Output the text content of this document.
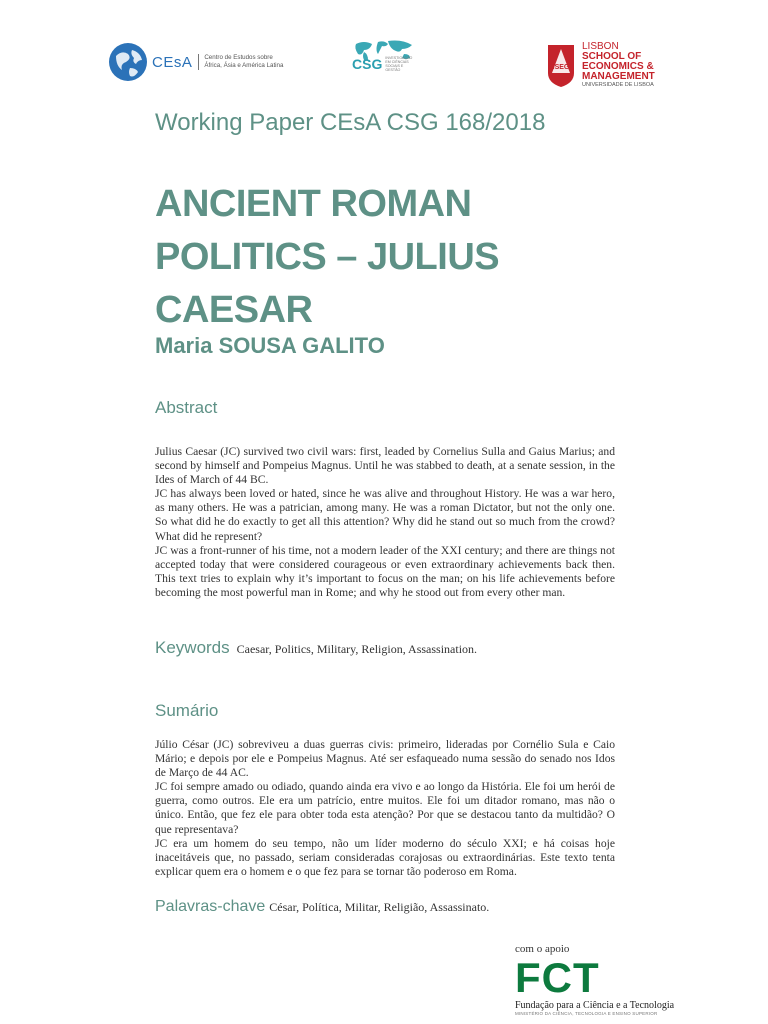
CEsA	Centro de Estudos sobre África, Ásia e América Latina	CSG INVESTIGAÇÃO EM CIÊNCIAS SOCIAIS E GESTÃO	ISEG
LISBON
SCHOOL OF
ECONOMICS &
MANAGEMENT
UNIVERSIDADE DE LISBOA
Working Paper CEsA CSG 168/2018
ANCIENT ROMAN POLITICS – JULIUS CAESAR
Maria SOUSA GALITO
Abstract

Julius Caesar (JC) survived two civil wars: first, leaded by Cornelius Sulla and Gaius Marius; and second by himself and Pompeius Magnus. Until he was stabbed to death, at a senate session, in the Ides of March of 44 BC.

JC has always been loved or hated, since he was alive and throughout History. He was a war hero, as many others. He was a patrician, among many. He was a roman Dictator, but not the only one. So what did he do exactly to get all this attention? Why did he stand out so much from the crowd? What did he represent?

JC was a front-runner of his time, not a modern leader of the XXI century; and there are things not accepted today that were considered courageous or even extraordinary achievements back then. This text tries to explain why it’s important to focus on the man; on his life achievements before becoming the most powerful man in Rome; and why he stood out from every other man.

Keywords Caesar, Politics, Military, Religion, Assassination.
Sumário

Júlio César (JC) sobreviveu a duas guerras civis: primeiro, lideradas por Cornélio Sula e Caio Mário; e depois por ele e Pompeius Magnus. Até ser esfaqueado numa sessão do senado nos Idos de Março de 44 AC.

JC foi sempre amado ou odiado, quando ainda era vivo e ao longo da História. Ele foi um herói de guerra, como outros. Ele era um patrício, entre muitos. Ele foi um ditador romano, mas não o único. Então, que fez ele para obter toda esta atenção? Por que se destacou tanto da multidão? O que representava?

JC era um homem do seu tempo, não um líder moderno do século XXI; e há coisas hoje inaceitáveis que, no passado, seriam consideradas corajosas ou extraordinárias. Este texto tenta explicar quem era o homem e o que fez para se tornar tão poderoso em Roma.

Palavras-chave César, Política, Militar, Religião, Assassinato.
com o apoio
FCT
Fundação para a Ciência e a Tecnologia
MINISTÉRIO DA CIÊNCIA, TECNOLOGIA E ENSINO SUPERIOR
